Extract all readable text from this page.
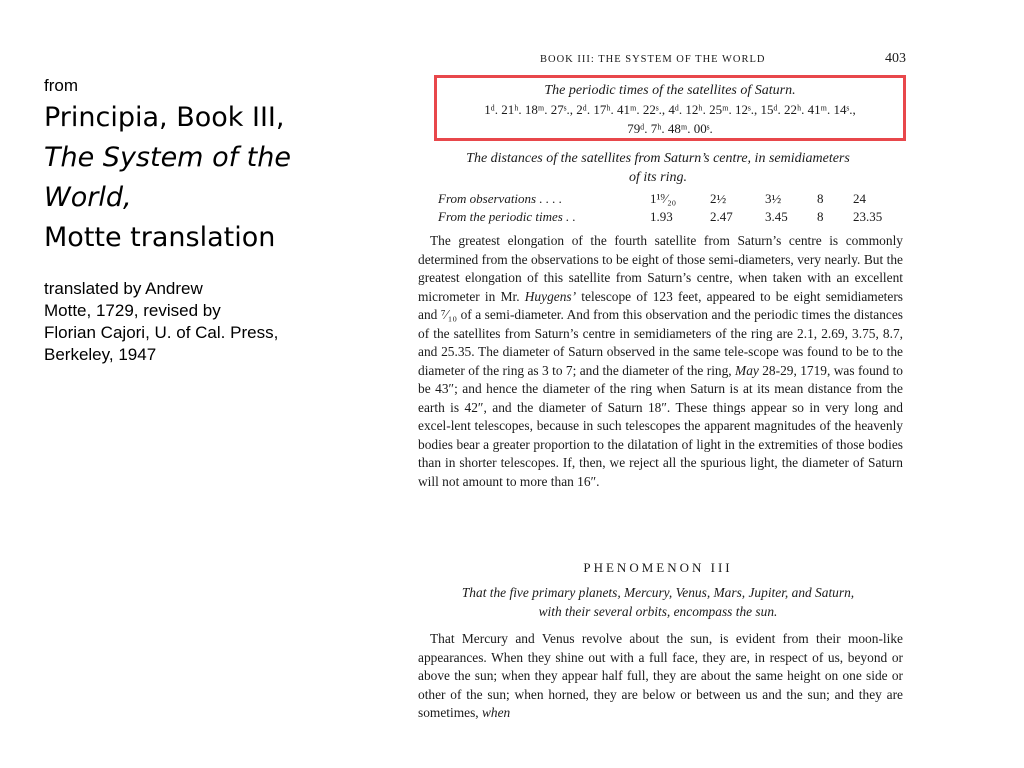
from
Principia, Book III,
The System of the
World,
Motte translation
translated by Andrew
Motte, 1729, revised by
Florian Cajori, U. of Cal. Press,
Berkeley, 1947
BOOK III: THE SYSTEM OF THE WORLD	403
The periodic times of the satellites of Saturn.
1ᵈ. 21ʰ. 18ᵐ. 27ˢ., 2ᵈ. 17ʰ. 41ᵐ. 22ˢ., 4ᵈ. 12ʰ. 25ᵐ. 12ˢ., 15ᵈ. 22ʰ. 41ᵐ. 14ˢ.,
79ᵈ. 7ʰ. 48ᵐ. 00ˢ.

The distances of the satellites from Saturn’s centre, in semidiameters

of its ring.

From observations . . . .	1¹⁹⁄₂₀	2½	3½	8	24
From the periodic times . .	1.93	2.47	3.45	8	23.35

The greatest elongation of the fourth satellite from Saturn’s centre is commonly determined from the observations to be eight of those semi-diameters, very nearly. But the greatest elongation of this satellite from Saturn’s centre, when taken with an excellent micrometer in Mr. Huygens’ telescope of 123 feet, appeared to be eight semidiameters and ⁷⁄₁₀ of a semi-diameter. And from this observation and the periodic times the distances of the satellites from Saturn’s centre in semidiameters of the ring are 2.1, 2.69, 3.75, 8.7, and 25.35. The diameter of Saturn observed in the same tele-scope was found to be to the diameter of the ring as 3 to 7; and the diameter of the ring, May 28-29, 1719, was found to be 43″; and hence the diameter of the ring when Saturn is at its mean distance from the earth is 42″, and the diameter of Saturn 18″. These things appear so in very long and excel-lent telescopes, because in such telescopes the apparent magnitudes of the heavenly bodies bear a greater proportion to the dilatation of light in the extremities of those bodies than in shorter telescopes. If, then, we reject all the spurious light, the diameter of Saturn will not amount to more than 16″.

PHENOMENON III

That the five primary planets, Mercury, Venus, Mars, Jupiter, and Saturn,
with their several orbits, encompass the sun.

That Mercury and Venus revolve about the sun, is evident from their moon-like appearances. When they shine out with a full face, they are, in respect of us, beyond or above the sun; when they appear half full, they are about the same height on one side or other of the sun; when horned, they are below or between us and the sun; and they are sometimes, when
